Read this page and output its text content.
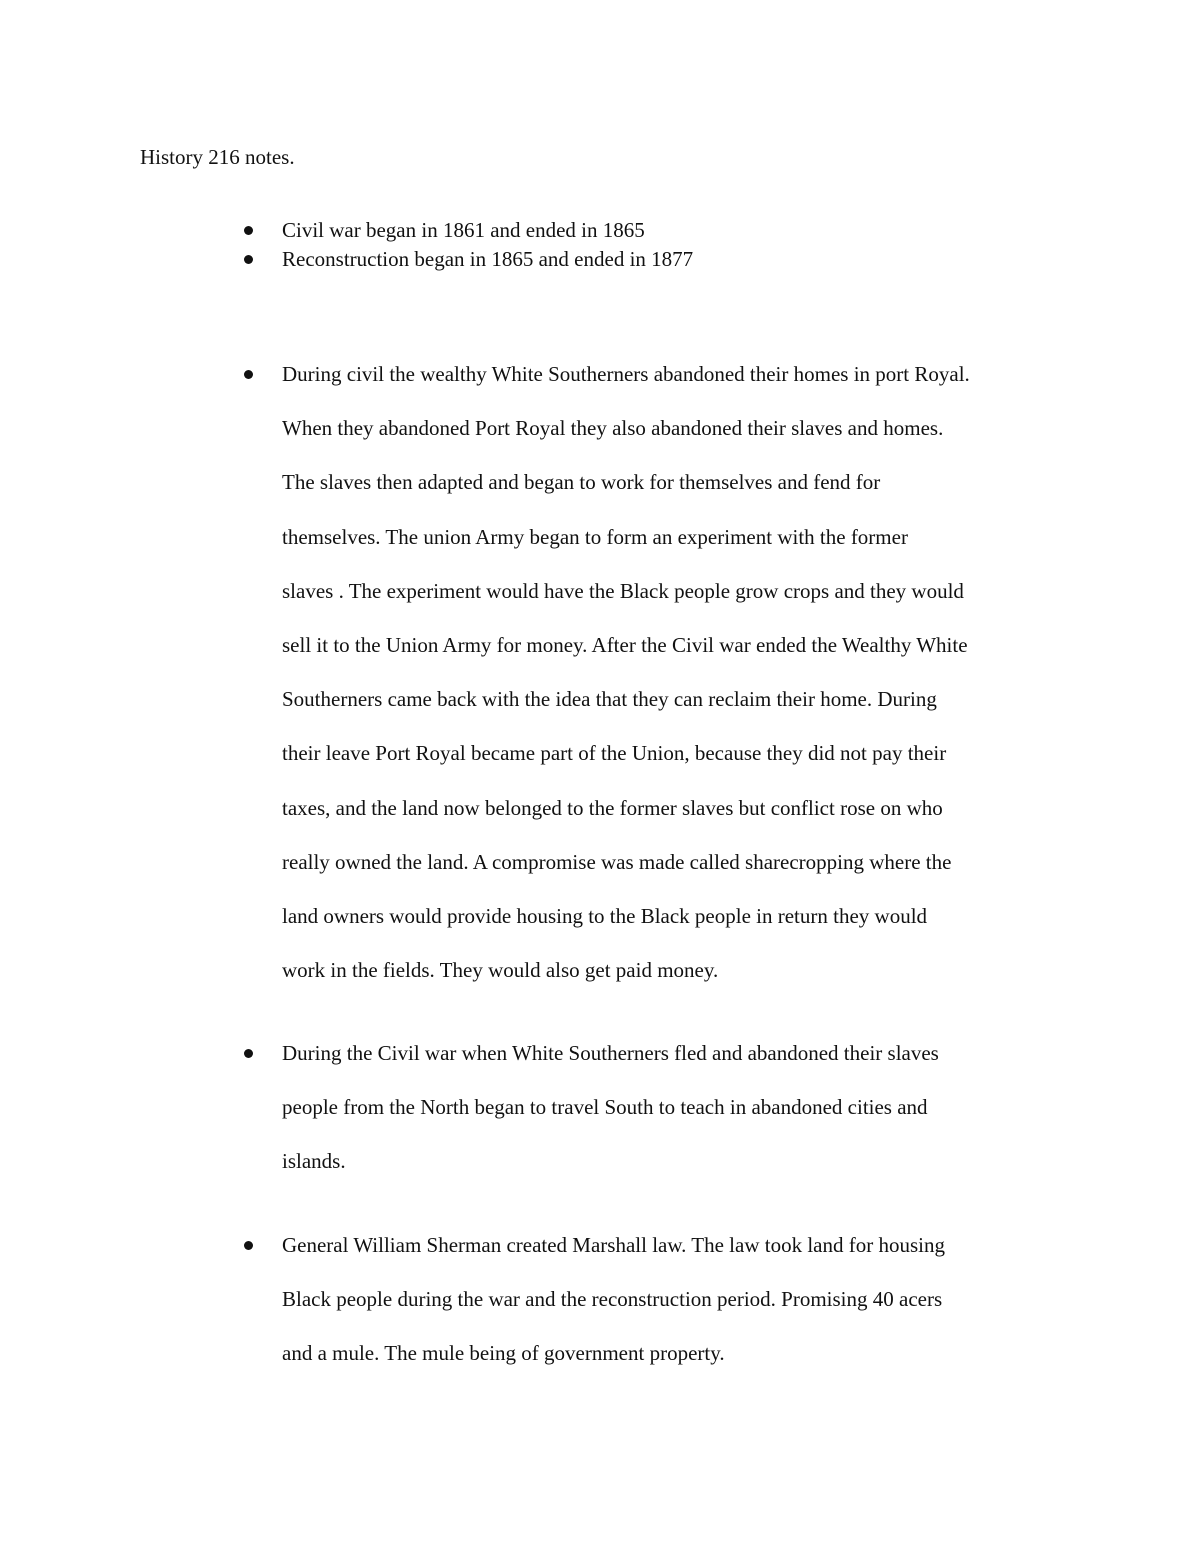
History 216 notes.
Civil war began in 1861 and ended in 1865
Reconstruction began in 1865 and ended in 1877
During civil the wealthy White Southerners abandoned their homes in port Royal.
When they abandoned Port Royal they also abandoned their slaves and homes.
The slaves then adapted and began to work for themselves and fend for
themselves. The union Army began to form an experiment with the former
slaves . The experiment would have the Black people grow crops and they would
sell it to the Union Army for money. After the Civil war ended the Wealthy White
Southerners came back with the idea that they can reclaim their home. During
their leave Port Royal became part of the Union, because they did not pay their
taxes, and the land now belonged to the former slaves but conflict rose on who
really owned the land. A compromise was made called sharecropping where the
land owners would provide housing to the Black people in return they would
work in the fields. They would also get paid money.
During the Civil war when White Southerners fled and abandoned their slaves
people from the North began to travel South to teach in abandoned cities and
islands.
General William Sherman created Marshall law. The law took land for housing
Black people during the war and the reconstruction period. Promising 40 acers
and a mule. The mule being of government property.
